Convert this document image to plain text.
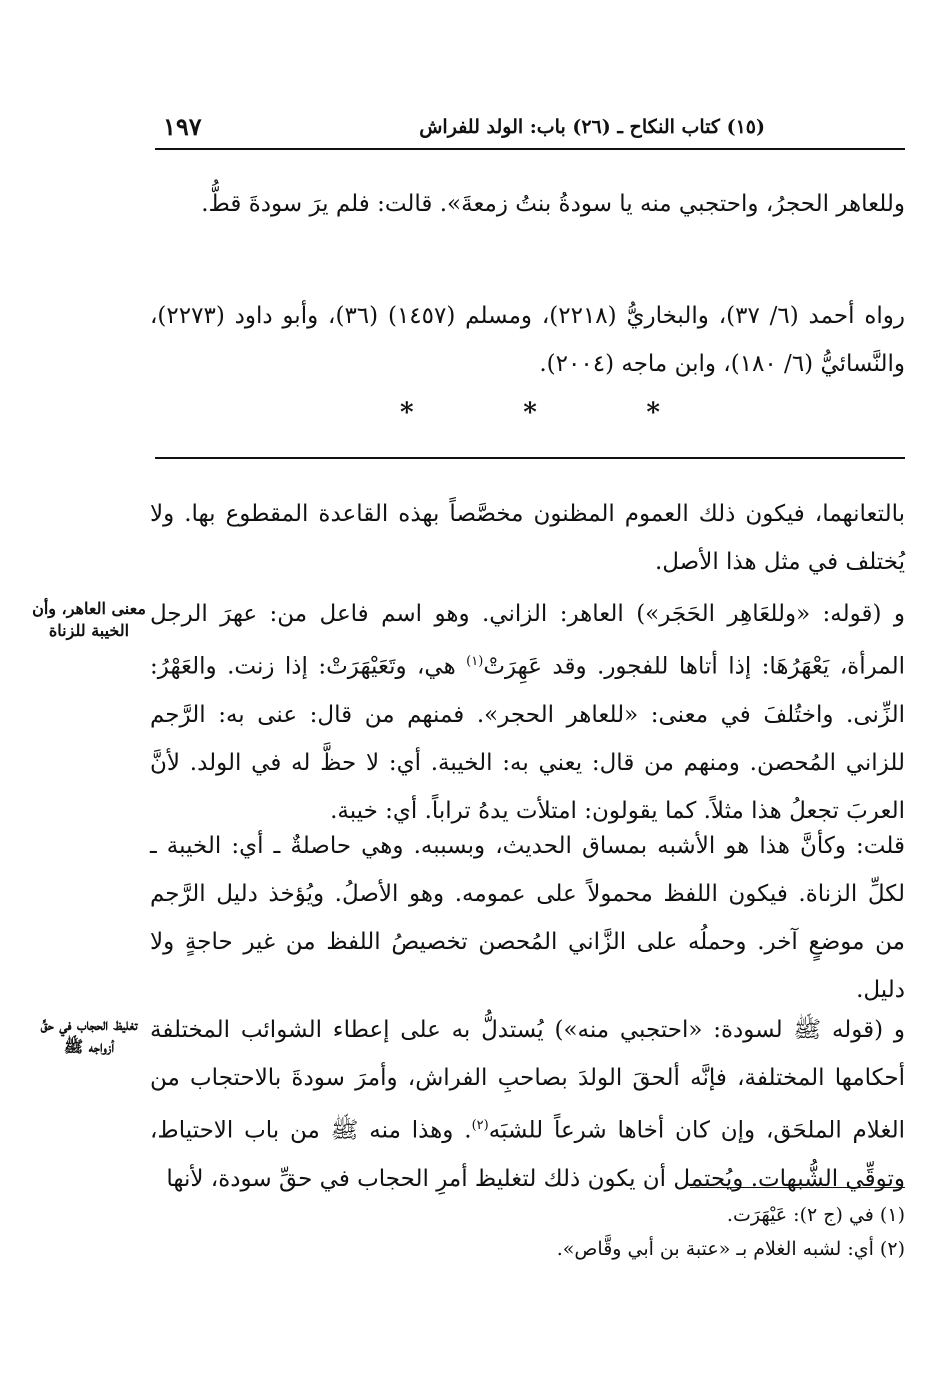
(١٥) كتاب النكاح ـ (٢٦) باب: الولد للفراش
١٩٧
وللعاهر الحجرُ، واحتجبي منه يا سودةُ بنتُ زمعةَ». قالت: فلم يرَ سودةَ قطُّ.
رواه أحمد (٦/ ٣٧)، والبخاريُّ (٢٢١٨)، ومسلم (١٤٥٧) (٣٦)، وأبو داود (٢٢٧٣)، والنَّسائيُّ (٦/ ١٨٠)، وابن ماجه (٢٠٠٤).
*	*	*
بالتعانهما، فيكون ذلك العموم المظنون مخصَّصاً بهذه القاعدة المقطوع بها. ولا يُختلف في مثل هذا الأصل.
و (قوله: «وللعَاهِر الحَجَر») العاهر: الزاني. وهو اسم فاعل من: عهرَ الرجل المرأة، يَعْهَرُهَا: إذا أتاها للفجور. وقد عَهِرَتْ$^{(١)}$ هي، وتَعَيْهَرَتْ: إذا زنت. والعَهْرُ: الزِّنى. واختُلفَ في معنى: «للعاهر الحجر». فمنهم من قال: عنى به: الرَّجم للزاني المُحصن. ومنهم من قال: يعني به: الخيبة. أي: لا حظَّ له في الولد. لأنَّ العربَ تجعلُ هذا مثلاً. كما يقولون: امتلأت يدهُ تراباً. أي: خيبة.
قلت: وكأنَّ هذا هو الأشبه بمساق الحديث، وبسببه. وهي حاصلةٌ ـ أي: الخيبة ـ لكلِّ الزناة. فيكون اللفظ محمولاً على عمومه. وهو الأصلُ. ويُؤخذ دليل الرَّجم من موضعٍ آخر. وحملُه على الزَّاني المُحصن تخصيصُ اللفظ من غير حاجةٍ ولا دليل.
و (قوله ﷺ لسودة: «احتجبي منه») يُستدلُّ به على إعطاء الشوائب المختلفة أحكامها المختلفة، فإنَّه ألحقَ الولدَ بصاحبِ الفراش، وأمرَ سودةَ بالاحتجاب من الغلام الملحَق، وإن كان أخاها شرعاً للشبَه$^{(٢)}$. وهذا منه ﷺ من باب الاحتياط، وتوقِّي الشُّبهات. ويُحتمل أن يكون ذلك لتغليظ أمرِ الحجاب في حقِّ سودة، لأنها
معنى العاهر، وأن الخيبة للزناة
تغليظ الحجاب في حقِّ أزواجه ﷺ
(١) في (ج ٢): عَيْهَرَت.
(٢) أي: لشبه الغلام بـ «عتبة بن أبي وقَّاص».
